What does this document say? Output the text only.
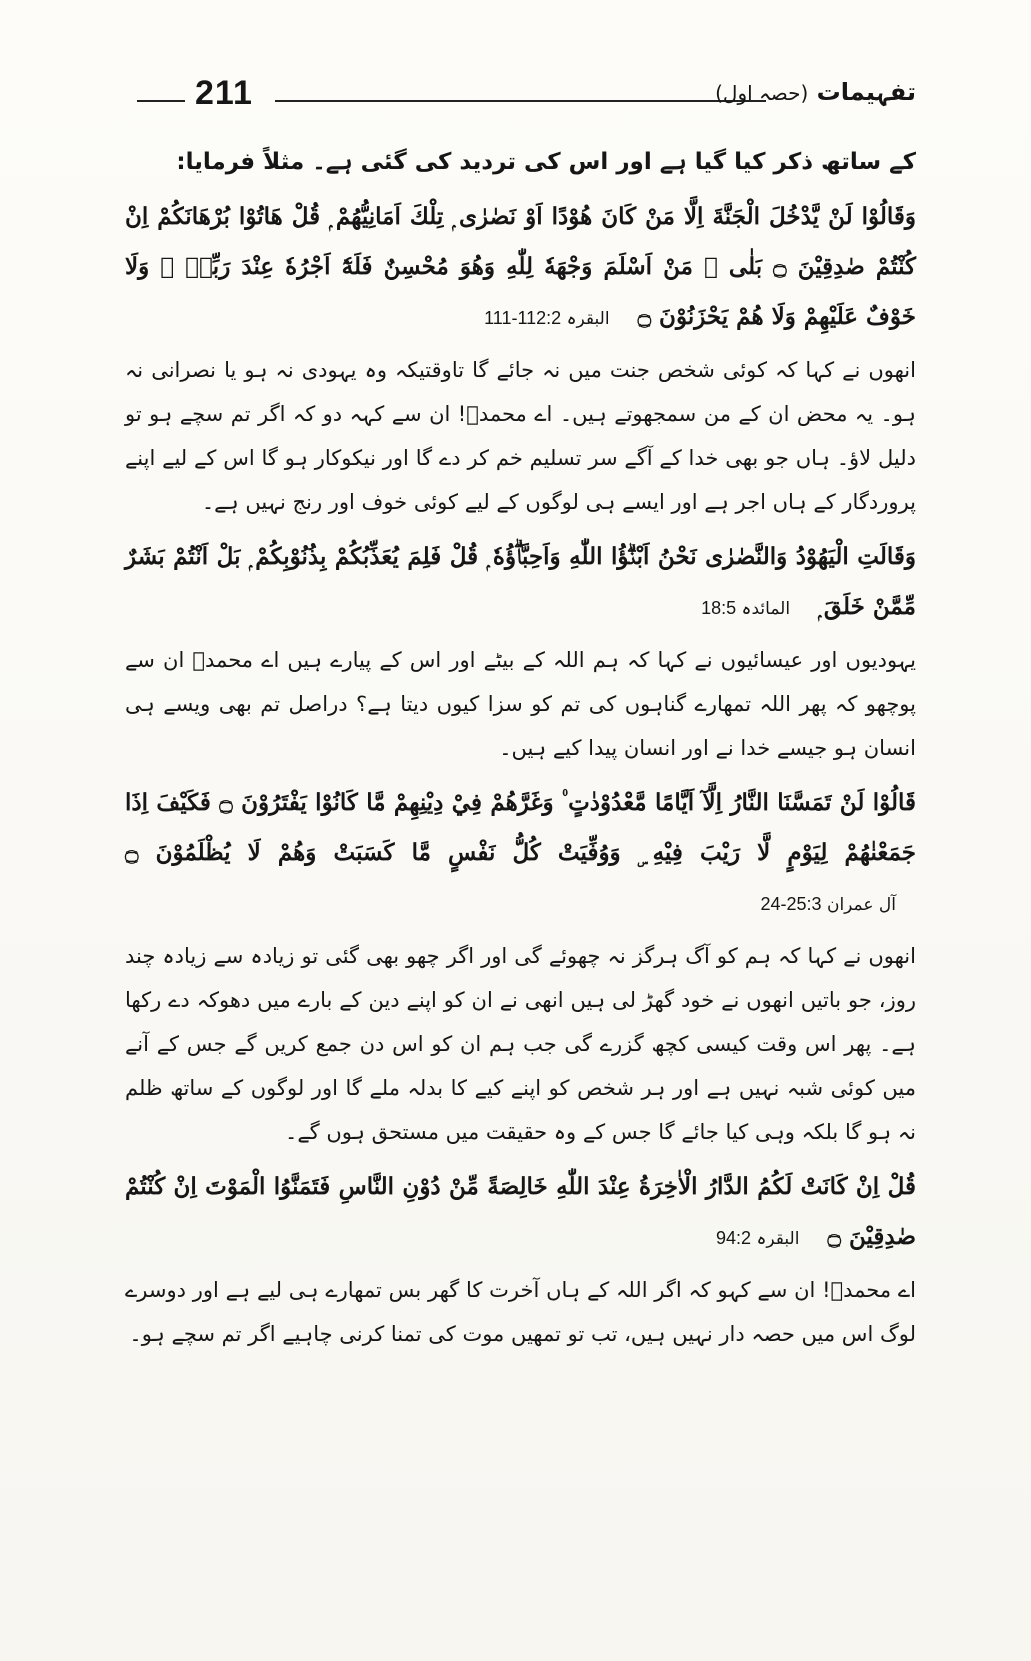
211	تفہیمات (حصہ اول)

کے ساتھ ذکر کیا گیا ہے اور اس کی تردید کی گئی ہے۔ مثلاً فرمایا:

وَقَالُوْا لَنْ يَّدْخُلَ الْجَنَّةَ اِلَّا مَنْ كَانَ هُوْدًا اَوْ نَصٰرٰى ۭ تِلْكَ اَمَانِيُّهُمْ ۭ قُلْ هَاتُوْا بُرْهَانَكُمْ اِنْ كُنْتُمْ صٰدِقِيْنَ ۝ بَلٰى ۤ مَنْ اَسْلَمَ وَجْهَهٗ لِلّٰهِ وَهُوَ مُحْسِنٌ فَلَهٗٓ اَجْرُهٗ عِنْدَ رَبِّهٖ ۠ وَلَا خَوْفٌ عَلَيْهِمْ وَلَا هُمْ يَحْزَنُوْنَ ۝ البقرہ 111-112:2

انھوں نے کہا کہ کوئی شخص جنت میں نہ جائے گا تاوقتیکہ وہ یہودی نہ ہو یا نصرانی نہ ہو۔ یہ محض ان کے من سمجھوتے ہیں۔ اے محمدؐ! ان سے کہہ دو کہ اگر تم سچے ہو تو دلیل لاؤ۔ ہاں جو بھی خدا کے آگے سر تسلیم خم کر دے گا اور نیکوکار ہو گا اس کے لیے اپنے پروردگار کے ہاں اجر ہے اور ایسے ہی لوگوں کے لیے کوئی خوف اور رنج نہیں ہے۔

وَقَالَتِ الْيَهُوْدُ وَالنَّصٰرٰى نَحْنُ اَبْنٰۗؤُا اللّٰهِ وَاَحِبَّاۗؤُهٗ ۭ قُلْ فَلِمَ يُعَذِّبُكُمْ بِذُنُوْبِكُمْ ۭ بَلْ اَنْتُمْ بَشَرٌ مِّمَّنْ خَلَقَ ۭ المائدہ 18:5

یہودیوں اور عیسائیوں نے کہا کہ ہم اللہ کے بیٹے اور اس کے پیارے ہیں اے محمدؐ ان سے پوچھو کہ پھر اللہ تمھارے گناہوں کی تم کو سزا کیوں دیتا ہے؟ دراصل تم بھی ویسے ہی انسان ہو جیسے خدا نے اور انسان پیدا کیے ہیں۔

قَالُوْا لَنْ تَمَسَّنَا النَّارُ اِلَّآ اَيَّامًا مَّعْدُوْدٰتٍ ۠ وَغَرَّھُمْ فِيْ دِيْنِهِمْ مَّا كَانُوْا يَفْتَرُوْنَ ۝ فَكَيْفَ اِذَا جَمَعْنٰھُمْ لِيَوْمٍ لَّا رَيْبَ فِيْهِ ۣ وَوُفِّيَتْ كُلُّ نَفْسٍ مَّا كَسَبَتْ وَھُمْ لَا يُظْلَمُوْنَ ۝ آل عمران 24-25:3

انھوں نے کہا کہ ہم کو آگ ہرگز نہ چھوئے گی اور اگر چھو بھی گئی تو زیادہ سے زیادہ چند روز، جو باتیں انھوں نے خود گھڑ لی ہیں انھی نے ان کو اپنے دین کے بارے میں دھوکہ دے رکھا ہے۔ پھر اس وقت کیسی کچھ گزرے گی جب ہم ان کو اس دن جمع کریں گے جس کے آنے میں کوئی شبہ نہیں ہے اور ہر شخص کو اپنے کیے کا بدلہ ملے گا اور لوگوں کے ساتھ ظلم نہ ہو گا بلکہ وہی کیا جائے گا جس کے وہ حقیقت میں مستحق ہوں گے۔

قُلْ اِنْ كَانَتْ لَكُمُ الدَّارُ الْاٰخِرَةُ عِنْدَ اللّٰهِ خَالِصَةً مِّنْ دُوْنِ النَّاسِ فَتَمَنَّوُا الْمَوْتَ اِنْ كُنْتُمْ صٰدِقِيْنَ ۝ البقرہ 94:2

اے محمدؐ! ان سے کہو کہ اگر اللہ کے ہاں آخرت کا گھر بس تمھارے ہی لیے ہے اور دوسرے لوگ اس میں حصہ دار نہیں ہیں، تب تو تمھیں موت کی تمنا کرنی چاہیے اگر تم سچے ہو۔
